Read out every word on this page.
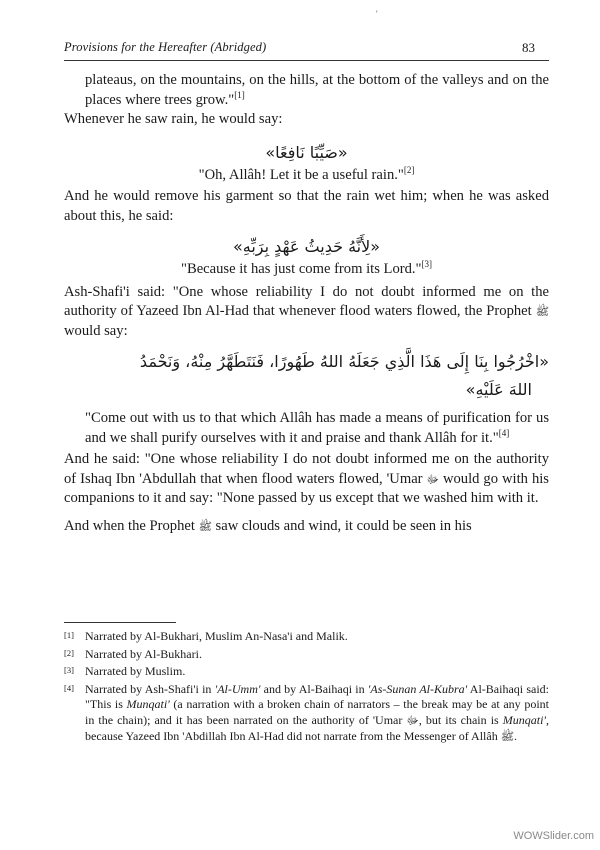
'
Provisions for the Hereafter (Abridged)	83

plateaus, on the mountains, on the hills, at the bottom of the valleys and on the places where trees grow."[1]

Whenever he saw rain, he would say:

«صَيِّبًا نَافِعًا»

"Oh, Allâh! Let it be a useful rain."[2]

And he would remove his garment so that the rain wet him; when he was asked about this, he said:

«لِأَنَّهُ حَدِيثُ عَهْدٍ بِرَبِّهِ»

"Because it has just come from its Lord."[3]

Ash-Shafi'i said: "One whose reliability I do not doubt informed me on the authority of Yazeed Ibn Al-Had that whenever flood waters flowed, the Prophet ﷺ would say:

«اخْرُجُوا بِنَا إِلَى هَذَا الَّذِي جَعَلَهُ اللهُ طَهُورًا، فَنَتَطَهَّرُ مِنْهُ، وَنَحْمَدُ
اللهَ عَلَيْهِ»

"Come out with us to that which Allâh has made a means of purification for us and we shall purify ourselves with it and praise and thank Allâh for it."[4]

And he said: "One whose reliability I do not doubt informed me on the authority of Ishaq Ibn 'Abdullah that when flood waters flowed, 'Umar ﷻ would go with his companions to it and say: "None passed by us except that we washed him with it.

And when the Prophet ﷺ saw clouds and wind, it could be seen in his

[1] Narrated by Al-Bukhari, Muslim An-Nasa'i and Malik.
[2] Narrated by Al-Bukhari.
[3] Narrated by Muslim.
[4] Narrated by Ash-Shafi'i in 'Al-Umm' and by Al-Baihaqi in 'As-Sunan Al-Kubra' Al-Baihaqi said: "This is Munqati' (a narration with a broken chain of narrators – the break may be at any point in the chain); and it has been narrated on the authority of 'Umar ﷻ, but its chain is Munqati', because Yazeed Ibn 'Abdillah Ibn Al-Had did not narrate from the Messenger of Allâh ﷺ.
WOWSlider.com
